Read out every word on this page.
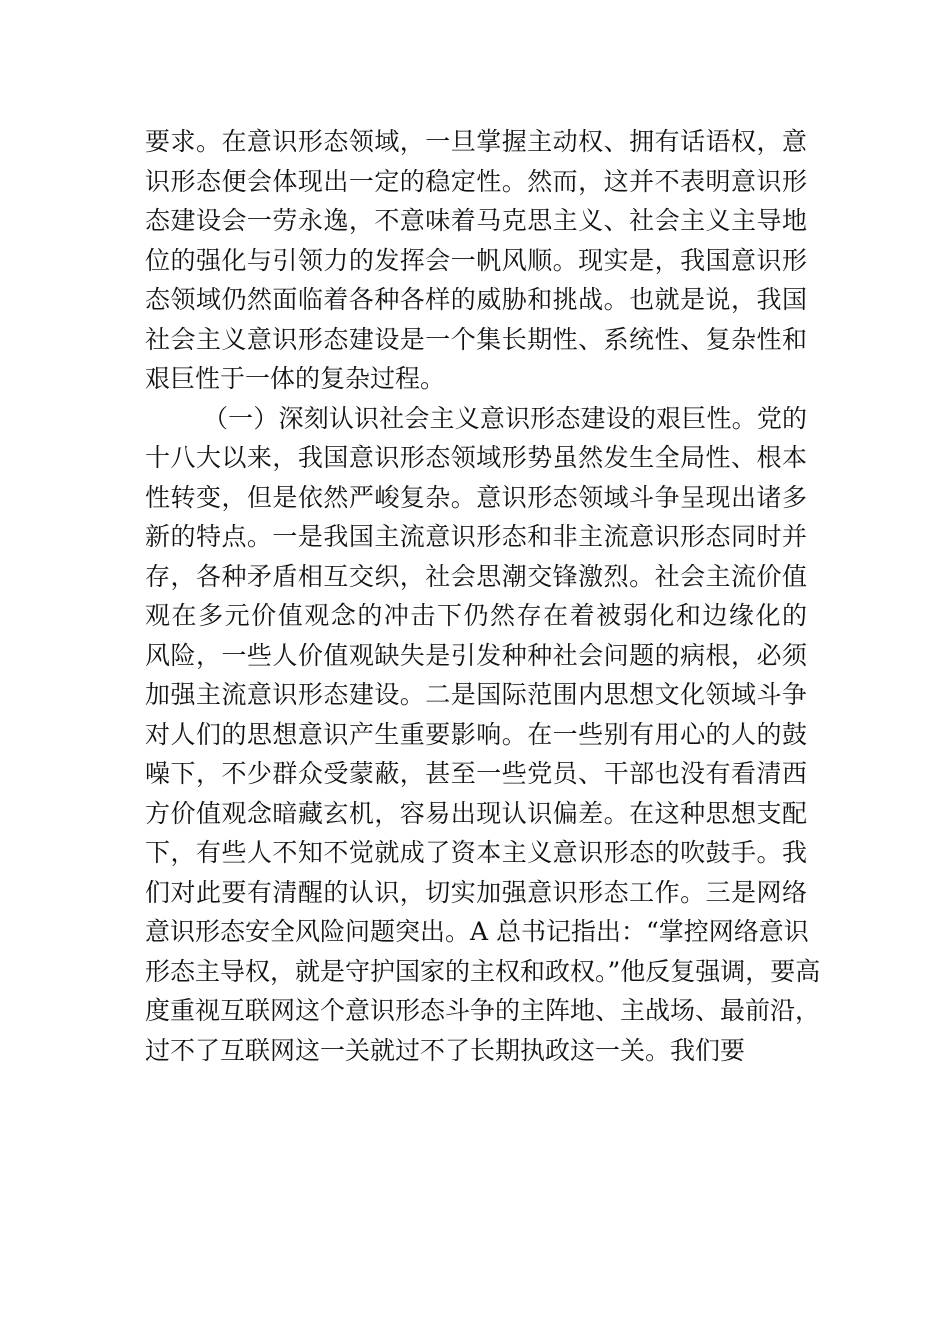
要求。在意识形态领域，一旦掌握主动权、拥有话语权，意
识形态便会体现出一定的稳定性。然而，这并不表明意识形
态建设会一劳永逸，不意味着马克思主义、社会主义主导地
位的强化与引领力的发挥会一帆风顺。现实是，我国意识形
态领域仍然面临着各种各样的威胁和挑战。也就是说，我国
社会主义意识形态建设是一个集长期性、系统性、复杂性和
艰巨性于一体的复杂过程。
（一）深刻认识社会主义意识形态建设的艰巨性。党的
十八大以来，我国意识形态领域形势虽然发生全局性、根本
性转变，但是依然严峻复杂。意识形态领域斗争呈现出诸多
新的特点。一是我国主流意识形态和非主流意识形态同时并
存，各种矛盾相互交织，社会思潮交锋激烈。社会主流价值
观在多元价值观念的冲击下仍然存在着被弱化和边缘化的
风险，一些人价值观缺失是引发种种社会问题的病根，必须
加强主流意识形态建设。二是国际范围内思想文化领域斗争
对人们的思想意识产生重要影响。在一些别有用心的人的鼓
噪下，不少群众受蒙蔽，甚至一些党员、干部也没有看清西
方价值观念暗藏玄机，容易出现认识偏差。在这种思想支配
下，有些人不知不觉就成了资本主义意识形态的吹鼓手。我
们对此要有清醒的认识，切实加强意识形态工作。三是网络
意识形态安全风险问题突出。A 总书记指出：“掌控网络意识
形态主导权，就是守护国家的主权和政权。”他反复强调，要高
度重视互联网这个意识形态斗争的主阵地、主战场、最前沿，
过不了互联网这一关就过不了长期执政这一关。我们要
